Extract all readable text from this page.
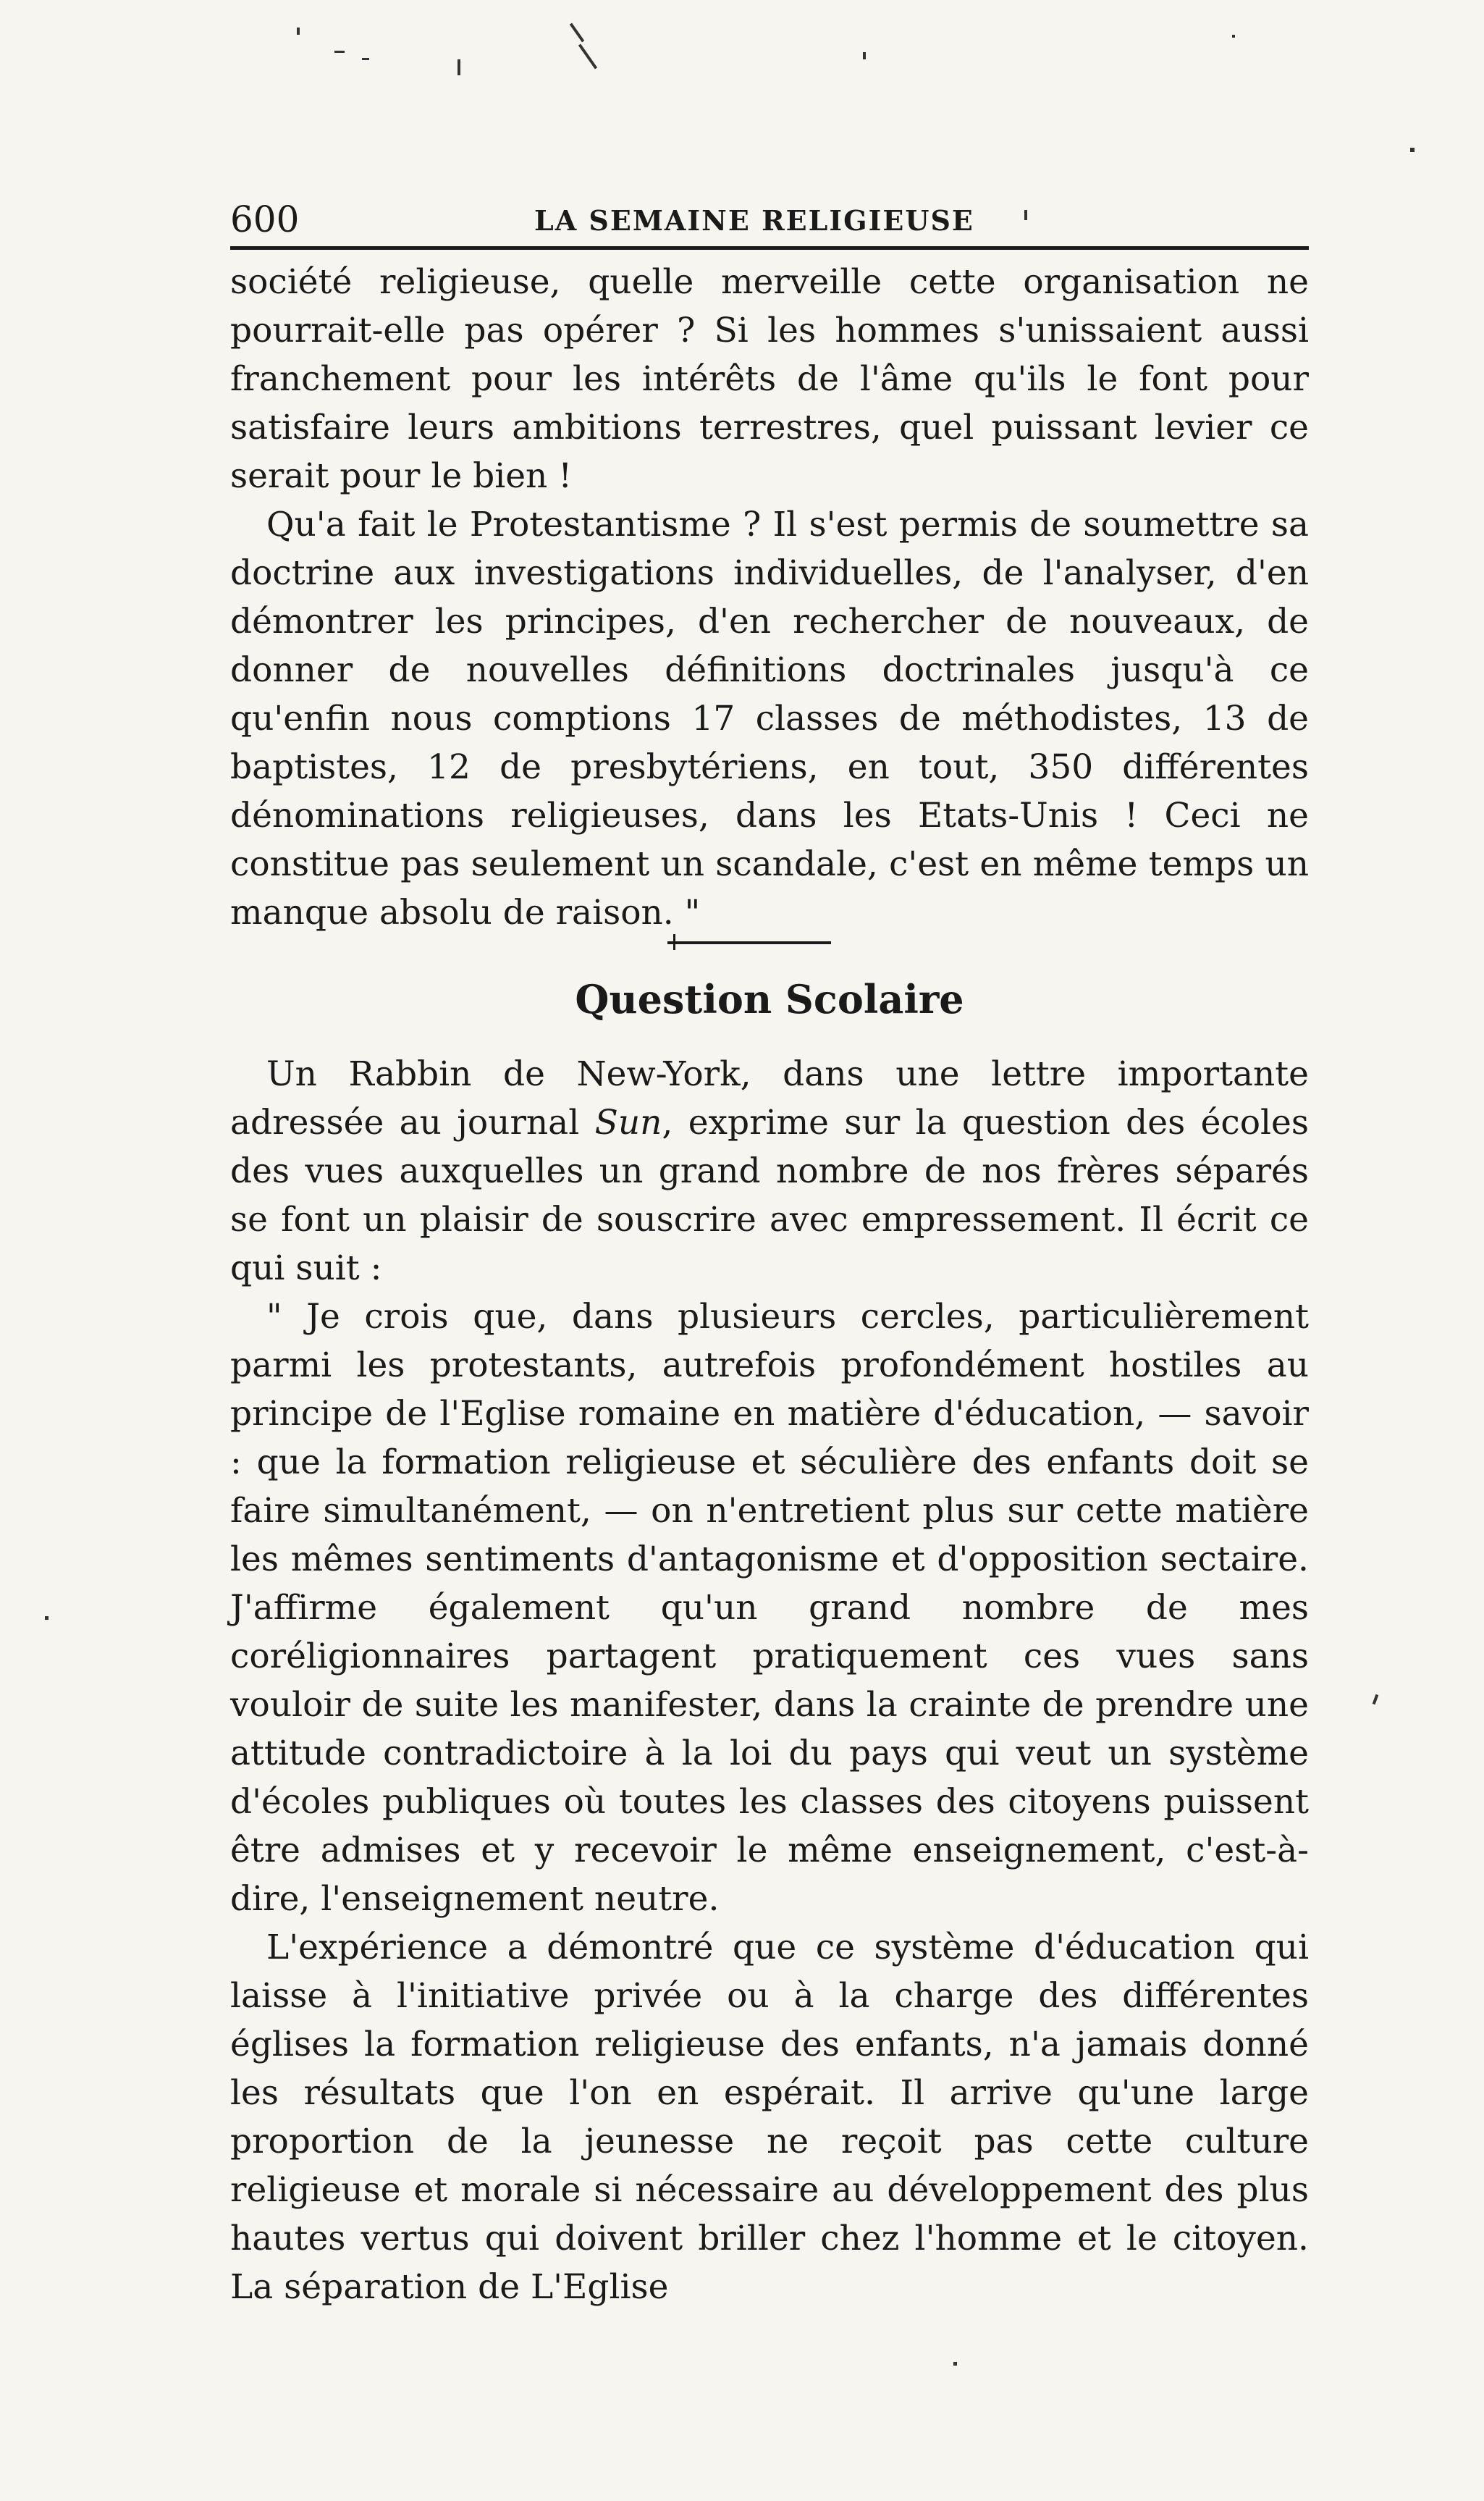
600	LA SEMAINE RELIGIEUSE

société religieuse, quelle merveille cette organisation ne pourrait-elle pas opérer ? Si les hommes s'unissaient aussi franchement pour les intérêts de l'âme qu'ils le font pour satisfaire leurs ambitions terrestres, quel puissant levier ce serait pour le bien !

Qu'a fait le Protestantisme ? Il s'est permis de soumettre sa doctrine aux investigations individuelles, de l'analyser, d'en démontrer les principes, d'en rechercher de nouveaux, de donner de nouvelles définitions doctrinales jusqu'à ce qu'enfin nous comptions 17 classes de méthodistes, 13 de baptistes, 12 de presbytériens, en tout, 350 différentes dénominations religieuses, dans les Etats-Unis ! Ceci ne constitue pas seulement un scandale, c'est en même temps un manque absolu de raison. "

Question Scolaire

Un Rabbin de New-York, dans une lettre importante adressée au journal Sun, exprime sur la question des écoles des vues auxquelles un grand nombre de nos frères séparés se font un plaisir de souscrire avec empressement. Il écrit ce qui suit :

" Je crois que, dans plusieurs cercles, particulièrement parmi les protestants, autrefois profondément hostiles au principe de l'Eglise romaine en matière d'éducation, — savoir : que la formation religieuse et séculière des enfants doit se faire simultanément, — on n'entretient plus sur cette matière les mêmes sentiments d'antagonisme et d'opposition sectaire. J'affirme également qu'un grand nombre de mes coréligionnaires partagent pratiquement ces vues sans vouloir de suite les manifester, dans la crainte de prendre une attitude contradictoire à la loi du pays qui veut un système d'écoles publiques où toutes les classes des citoyens puissent être admises et y recevoir le même enseignement, c'est-à-dire, l'enseignement neutre.

L'expérience a démontré que ce système d'éducation qui laisse à l'initiative privée ou à la charge des différentes églises la formation religieuse des enfants, n'a jamais donné les résultats que l'on en espérait. Il arrive qu'une large proportion de la jeunesse ne reçoit pas cette culture religieuse et morale si nécessaire au développement des plus hautes vertus qui doivent briller chez l'homme et le citoyen. La séparation de L'Eglise
